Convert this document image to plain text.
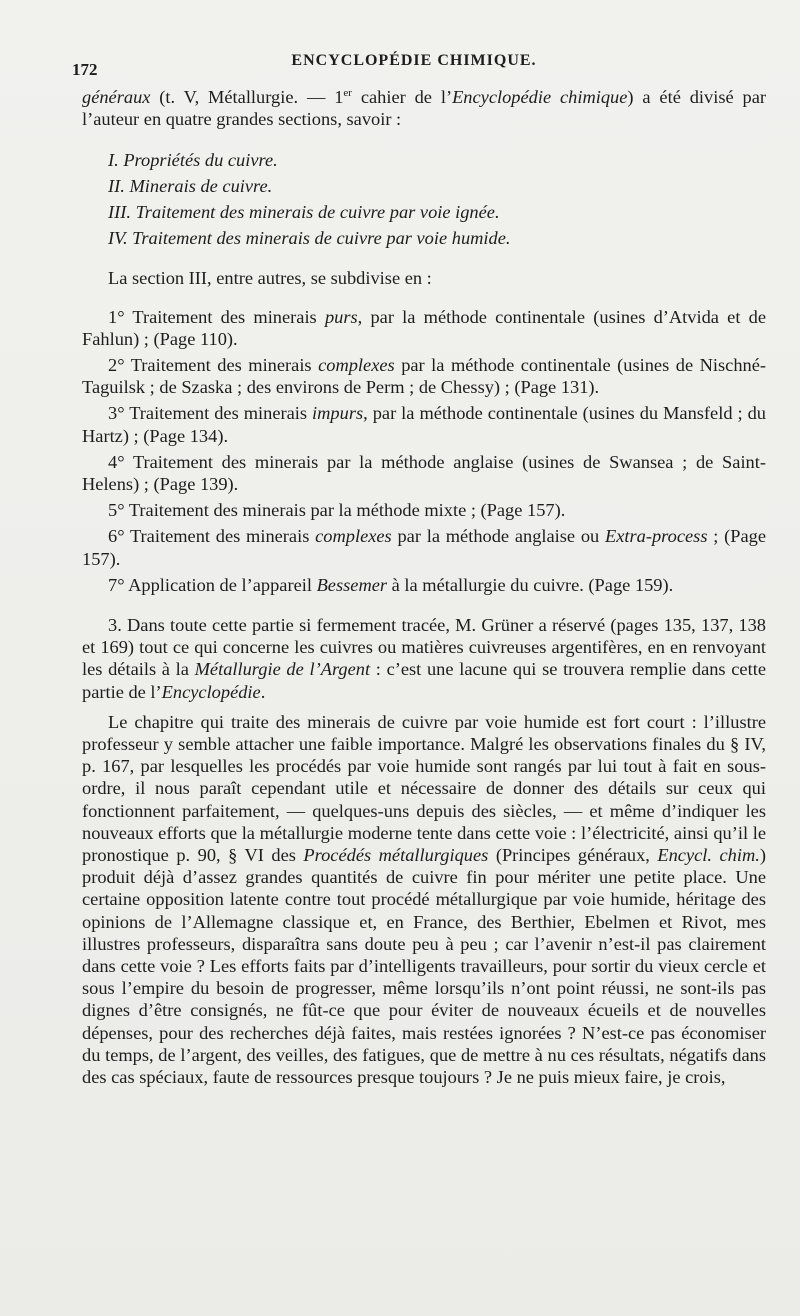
172	ENCYCLOPÉDIE CHIMIQUE.

généraux (t. V, Métallurgie. — 1er cahier de l’Encyclopédie chimique) a été divisé par l’auteur en quatre grandes sections, savoir :

I. Propriétés du cuivre.

II. Minerais de cuivre.

III. Traitement des minerais de cuivre par voie ignée.

IV. Traitement des minerais de cuivre par voie humide.

La section III, entre autres, se subdivise en :

1° Traitement des minerais purs, par la méthode continentale (usines d’Atvida et de Fahlun) ; (Page 110).

2° Traitement des minerais complexes par la méthode continentale (usines de Nischné-Taguilsk ; de Szaska ; des environs de Perm ; de Chessy) ; (Page 131).

3° Traitement des minerais impurs, par la méthode continentale (usines du Mansfeld ; du Hartz) ; (Page 134).

4° Traitement des minerais par la méthode anglaise (usines de Swansea ; de Saint-Helens) ; (Page 139).

5° Traitement des minerais par la méthode mixte ; (Page 157).

6° Traitement des minerais complexes par la méthode anglaise ou Extra-process ; (Page 157).

7° Application de l’appareil Bessemer à la métallurgie du cuivre. (Page 159).

3. Dans toute cette partie si fermement tracée, M. Grüner a réservé (pages 135, 137, 138 et 169) tout ce qui concerne les cuivres ou matières cuivreuses argentifères, en en renvoyant les détails à la Métallurgie de l’Argent : c’est une lacune qui se trouvera remplie dans cette partie de l’Encyclopédie.

Le chapitre qui traite des minerais de cuivre par voie humide est fort court : l’illustre professeur y semble attacher une faible importance. Malgré les observations finales du § IV, p. 167, par lesquelles les procédés par voie humide sont rangés par lui tout à fait en sous-ordre, il nous paraît cependant utile et nécessaire de donner des détails sur ceux qui fonctionnent parfaitement, — quelques-uns depuis des siècles, — et même d’indiquer les nouveaux efforts que la métallurgie moderne tente dans cette voie : l’électricité, ainsi qu’il le pronostique p. 90, § VI des Procédés métallurgiques (Principes généraux, Encycl. chim.) produit déjà d’assez grandes quantités de cuivre fin pour mériter une petite place. Une certaine opposition latente contre tout procédé métallurgique par voie humide, héritage des opinions de l’Allemagne classique et, en France, des Berthier, Ebelmen et Rivot, mes illustres professeurs, disparaîtra sans doute peu à peu ; car l’avenir n’est-il pas clairement dans cette voie ? Les efforts faits par d’intelligents travailleurs, pour sortir du vieux cercle et sous l’empire du besoin de progresser, même lorsqu’ils n’ont point réussi, ne sont-ils pas dignes d’être consignés, ne fût-ce que pour éviter de nouveaux écueils et de nouvelles dépenses, pour des recherches déjà faites, mais restées ignorées ? N’est-ce pas économiser du temps, de l’argent, des veilles, des fatigues, que de mettre à nu ces résultats, négatifs dans des cas spéciaux, faute de ressources presque toujours ? Je ne puis mieux faire, je crois,
